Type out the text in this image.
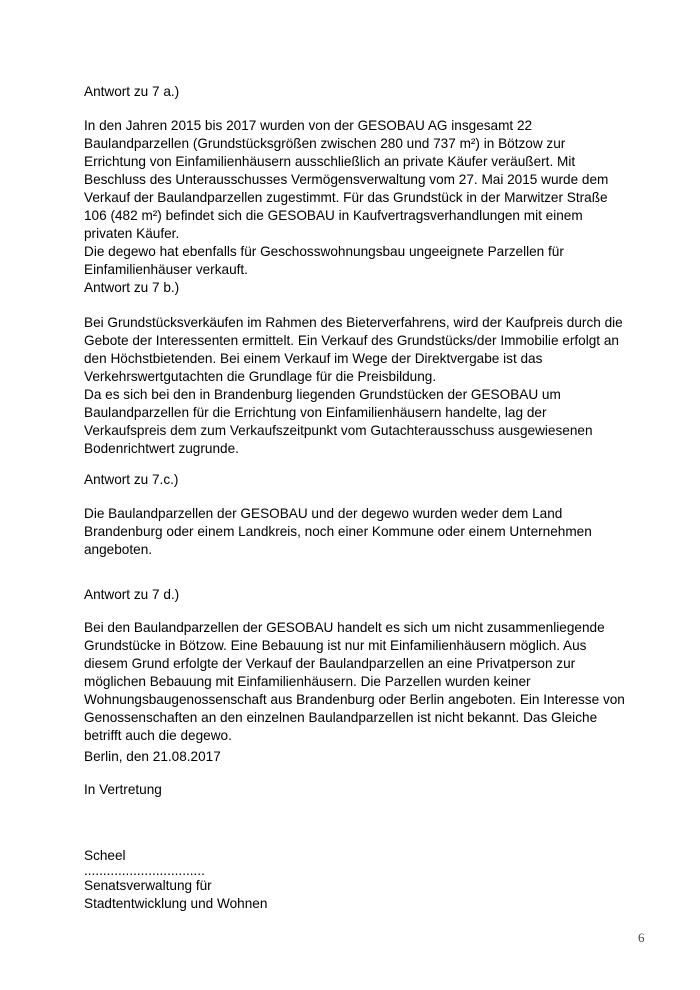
Antwort zu 7 a.)

In den Jahren 2015 bis 2017 wurden von der GESOBAU AG insgesamt 22
Baulandparzellen (Grundstücksgrößen zwischen 280 und 737 m²) in Bötzow zur
Errichtung von Einfamilienhäusern ausschließlich an private Käufer veräußert. Mit
Beschluss des Unterausschusses Vermögensverwaltung vom 27. Mai 2015 wurde dem
Verkauf der Baulandparzellen zugestimmt. Für das Grundstück in der Marwitzer Straße
106 (482 m²) befindet sich die GESOBAU in Kaufvertragsverhandlungen mit einem
privaten Käufer.
Die degewo hat ebenfalls für Geschosswohnungsbau ungeeignete Parzellen für
Einfamilienhäuser verkauft.

Antwort zu 7 b.)

Bei Grundstücksverkäufen im Rahmen des Bieterverfahrens, wird der Kaufpreis durch die
Gebote der Interessenten ermittelt. Ein Verkauf des Grundstücks/der Immobilie erfolgt an
den Höchstbietenden. Bei einem Verkauf im Wege der Direktvergabe ist das
Verkehrswertgutachten die Grundlage für die Preisbildung.
Da es sich bei den in Brandenburg liegenden Grundstücken der GESOBAU um
Baulandparzellen für die Errichtung von Einfamilienhäusern handelte, lag der
Verkaufspreis dem zum Verkaufszeitpunkt vom Gutachterausschuss ausgewiesenen
Bodenrichtwert zugrunde.

Antwort zu 7.c.)

Die Baulandparzellen der GESOBAU und der degewo wurden weder dem Land
Brandenburg oder einem Landkreis, noch einer Kommune oder einem Unternehmen
angeboten.

Antwort zu 7 d.)

Bei den Baulandparzellen der GESOBAU handelt es sich um nicht zusammenliegende
Grundstücke in Bötzow. Eine Bebauung ist nur mit Einfamilienhäusern möglich. Aus
diesem Grund erfolgte der Verkauf der Baulandparzellen an eine Privatperson zur
möglichen Bebauung mit Einfamilienhäusern. Die Parzellen wurden keiner
Wohnungsbaugenossenschaft aus Brandenburg oder Berlin angeboten. Ein Interesse von
Genossenschaften an den einzelnen Baulandparzellen ist nicht bekannt. Das Gleiche
betrifft auch die degewo.

Berlin, den 21.08.2017

In Vertretung

Scheel

................................

Senatsverwaltung für
Stadtentwicklung und Wohnen

6
